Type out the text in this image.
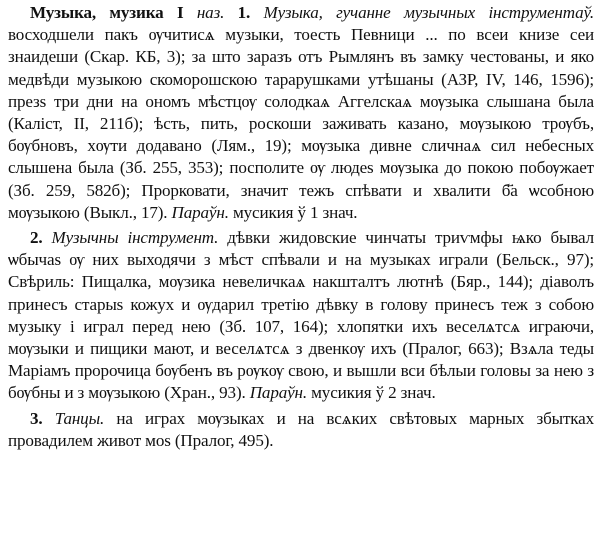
Музыка, музика I наз. 1. Музыка, гучанне музычных інструментаў. восходшели пакъ ѹчитисѧ музыки, тоесть Певници ... по всеи книзе сеи знаидеши (Скар. КБ, 3); за што заразъ отъ Рымлянъ въ замку честованы, и яко медвѣди музыкою скоморошскою тарарушками утѣшаны (АЗР, IV, 146, 1596); презѕ три дни на ономъ мѣстцѹ солодкаѧ Аггелскаѧ мѹзыка слышана была (Каліст, II, 211б); ѣсть, пить, роскоши заживать казано, мѹзыкою трѹбъ, бѹбновъ, хѹти додавано (Лям., 19); мѹзыка дивне сличнаѧ сил небесных слышена была (Зб. 255, 353); посполите ѹ людеѕ мѹзыка до покою побѹжает (Зб. 259, 582б); Прорковати, значит тежъ спѣвати и хвалити б҃а ѡсобною мѹзыкою (Выкл., 17). Параўн. мусикия ў 1 знач.

2. Музычны інструмент. дѣвки жидовскиe чинчаты триѵмфы ѩко бывал ѡбычаѕ ѹ них выходячи з мѣст спѣвали и на музыках играли (Бельск., 97); Свѣриль: Пищалка, мѹзика невеличкаѧ накшталтъ лютнѣ (Бяр., 144); діаволъ принесъ старыѕ кожух и ѹдарил третію дѣвку в голову принесъ теж з собою музыку і играл перед нею (Зб. 107, 164); хлопятки ихъ веселѧтсѧ играючи, мѹзыки и пищики мают, и веселѧтсѧ з двенкѹ ихъ (Пралог, 663); Взѧла теды Маріамъ пророчица бѹбенъ въ рѹкѹ свою, и вышли вси бѣлыи головы за нею з бѹбны и з мѹзыкою (Хран., 93). Параўн. мусикия ў 2 знач.

3. Танцы. на играх мѹзыках и на всѧких свѣтовых марных збытках провадилем живот моѕ (Пралог, 495).
